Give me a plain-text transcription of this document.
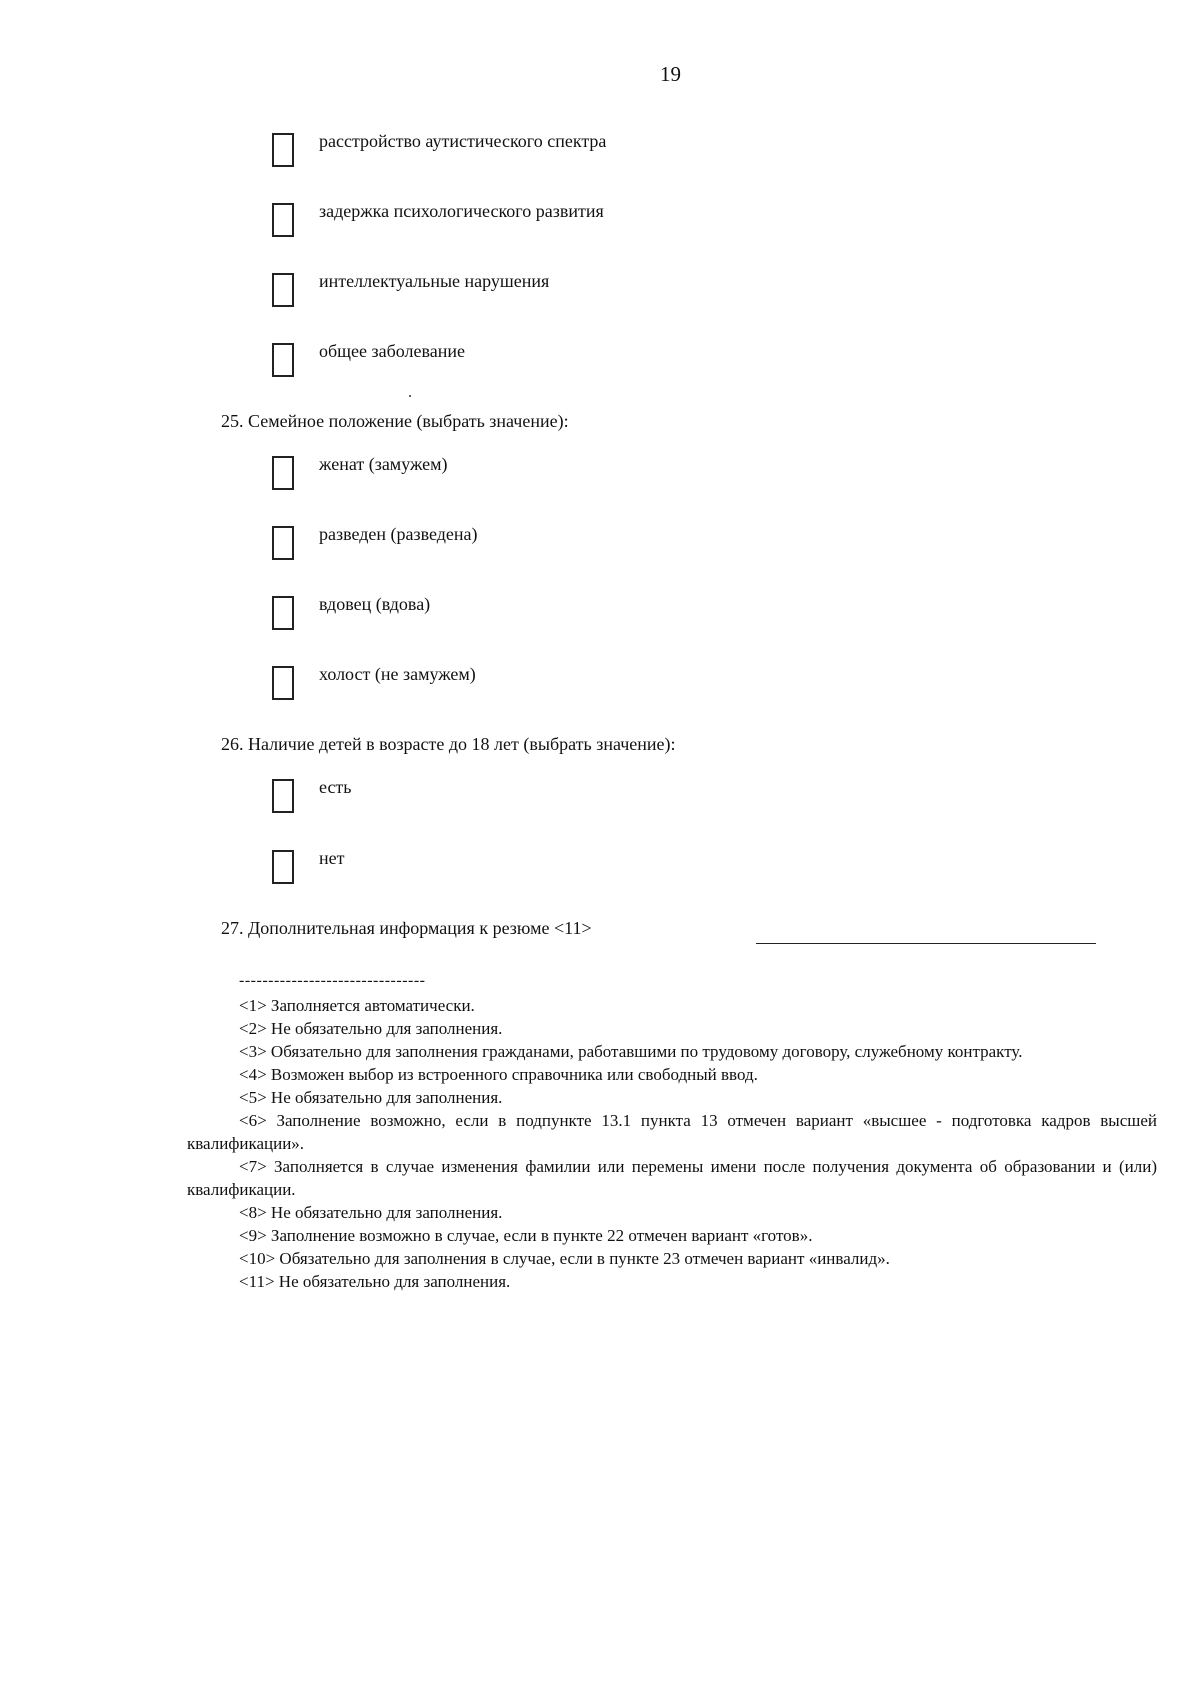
19
расстройство аутистического спектра
задержка психологического развития
интеллектуальные нарушения
общее заболевание
25. Семейное положение (выбрать значение):
женат (замужем)
разведен (разведена)
вдовец (вдова)
холост (не замужем)
26. Наличие детей в возрасте до 18 лет (выбрать значение):
есть
нет
27. Дополнительная информация к резюме <11>
--------------------------------

<1> Заполняется автоматически.

<2> Не обязательно для заполнения.

<3> Обязательно для заполнения гражданами, работавшими по трудовому договору, служебному контракту.

<4> Возможен выбор из встроенного справочника или свободный ввод.

<5> Не обязательно для заполнения.

<6> Заполнение возможно, если в подпункте 13.1 пункта 13 отмечен вариант «высшее - подготовка кадров высшей квалификации».

<7> Заполняется в случае изменения фамилии или перемены имени после получения документа об образовании и (или) квалификации.

<8> Не обязательно для заполнения.

<9> Заполнение возможно в случае, если в пункте 22 отмечен вариант «готов».

<10> Обязательно для заполнения в случае, если в пункте 23 отмечен вариант «инвалид».

<11> Не обязательно для заполнения.
